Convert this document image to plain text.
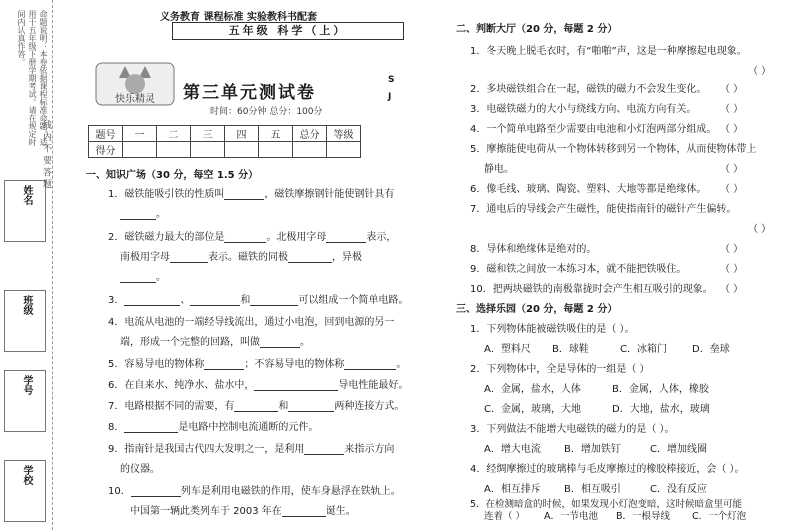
命题说明：本卷依据课程标准命题，适用于五年级下册学期考试。请在规定时间内认真作答。
姓名
班级
学号
学校
线 内 不 要 答 题
义务教育 课程标准 实验教科书配套
五年级 科学（上）
快乐精灵 第三单元测试卷
时间：60分钟 总分：100分
S J
题号	一	二	三	四	五	总分	等级
得分							
一、知识广场（30 分，每空 1.5 分）
1．磁铁能吸引铁的性质叫	，磁铁摩擦钢针能使钢针具有
。
2．磁铁磁力最大的部位是	。北极用字母	表示，
南极用字母	表示。磁铁的同极	，异极
。
3．	、	和	可以组成一个简单电路。
4．电流从电池的一端经导线流出，通过小电泡，回到电源的另一
端，形成一个完整的回路，叫做	。
5．容易导电的物体称	；不容易导电的物体称	。
6．在自来水、纯净水、盐水中，	导电性能最好。
7．电路根据不同的需要，有	和	两种连接方式。
8．	是电路中控制电流通断的元件。
9．指南针是我国古代四大发明之一，是利用	来指示方向
的仪器。
10．	列车是利用电磁铁的作用，使车身悬浮在铁轨上。
中国第一辆此类列车于 2003 年在	诞生。
二、判断大厅（20 分，每题 2 分）
1．冬天晚上脱毛衣时，有“啪啪”声，这是一种摩擦起电现象。
（ ）
2．多块磁铁组合在一起，磁铁的磁力不会发生变化。 （ ）
3．电磁铁磁力的大小与绕线方向、电流方向有关。 （ ）
4．一个简单电路至少需要由电池和小灯泡两部分组成。 （ ）
5．摩擦能使电荷从一个物体转移到另一个物体，从而使物体带上
静电。	（ ）
6．像毛线、玻璃、陶瓷、塑料、大地等都是绝缘体。 （ ）
7．通电后的导线会产生磁性，能使指南针的磁针产生偏转。
（ ）
8．导体和绝缘体是绝对的。	（ ）
9．磁和铁之间放一本练习本，就不能把铁吸住。	（ ）
10．把两块磁铁的南极靠拢时会产生相互吸引的现象。 （ ）
三、选择乐园（20 分，每题 2 分）
1．下列物体能被磁铁吸住的是（ ）。
A．塑料尺 B．球鞋	C．冰箱门	D．垒球
2．下列物体中，全是导体的一组是（ ）
A．金属，盐水，人体	B．金属，人体，橡胶
C．金属，玻璃，大地	D．大地，盐水，玻璃
3．下列做法不能增大电磁铁的磁力的是（ ）。
A．增大电流 B．增加铁钉	C．增加线圈
4．经绸摩擦过的玻璃棒与毛皮摩擦过的橡胶棒接近，会（ ）。
A．相互排斥 B．相互吸引	C．没有反应
5．在检测暗盒的时候，如果发现小灯泡变暗，这时候暗盒里可能
连着（ ） A．一节电池 B．一根导线 C．一个灯泡
